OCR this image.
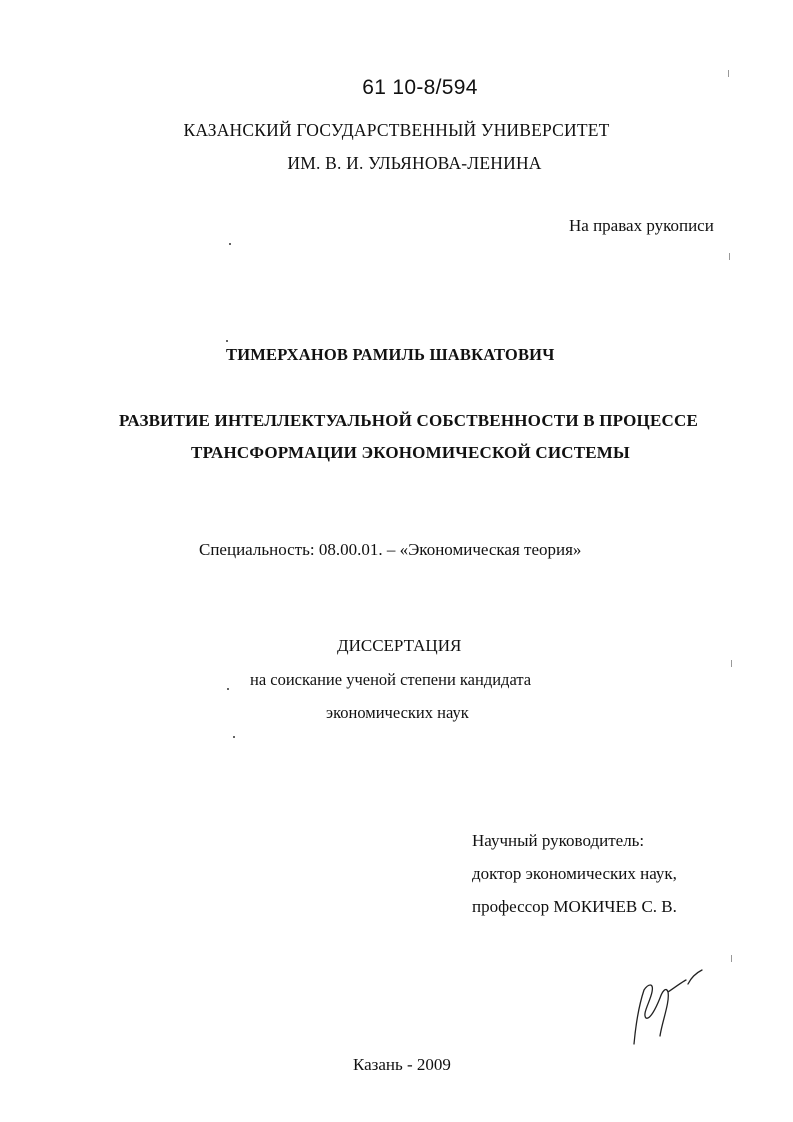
61 10-8/594
КАЗАНСКИЙ ГОСУДАРСТВЕННЫЙ УНИВЕРСИТЕТ
ИМ. В. И. УЛЬЯНОВА-ЛЕНИНА
На правах рукописи
ТИМЕРХАНОВ РАМИЛЬ ШАВКАТОВИЧ
РАЗВИТИЕ ИНТЕЛЛЕКТУАЛЬНОЙ СОБСТВЕННОСТИ В ПРОЦЕССЕ
ТРАНСФОРМАЦИИ ЭКОНОМИЧЕСКОЙ СИСТЕМЫ
Специальность: 08.00.01. – «Экономическая теория»
ДИССЕРТАЦИЯ
на соискание ученой степени кандидата
экономических наук
Научный руководитель:
доктор экономических наук,
профессор МОКИЧЕВ С. В.
Казань - 2009
